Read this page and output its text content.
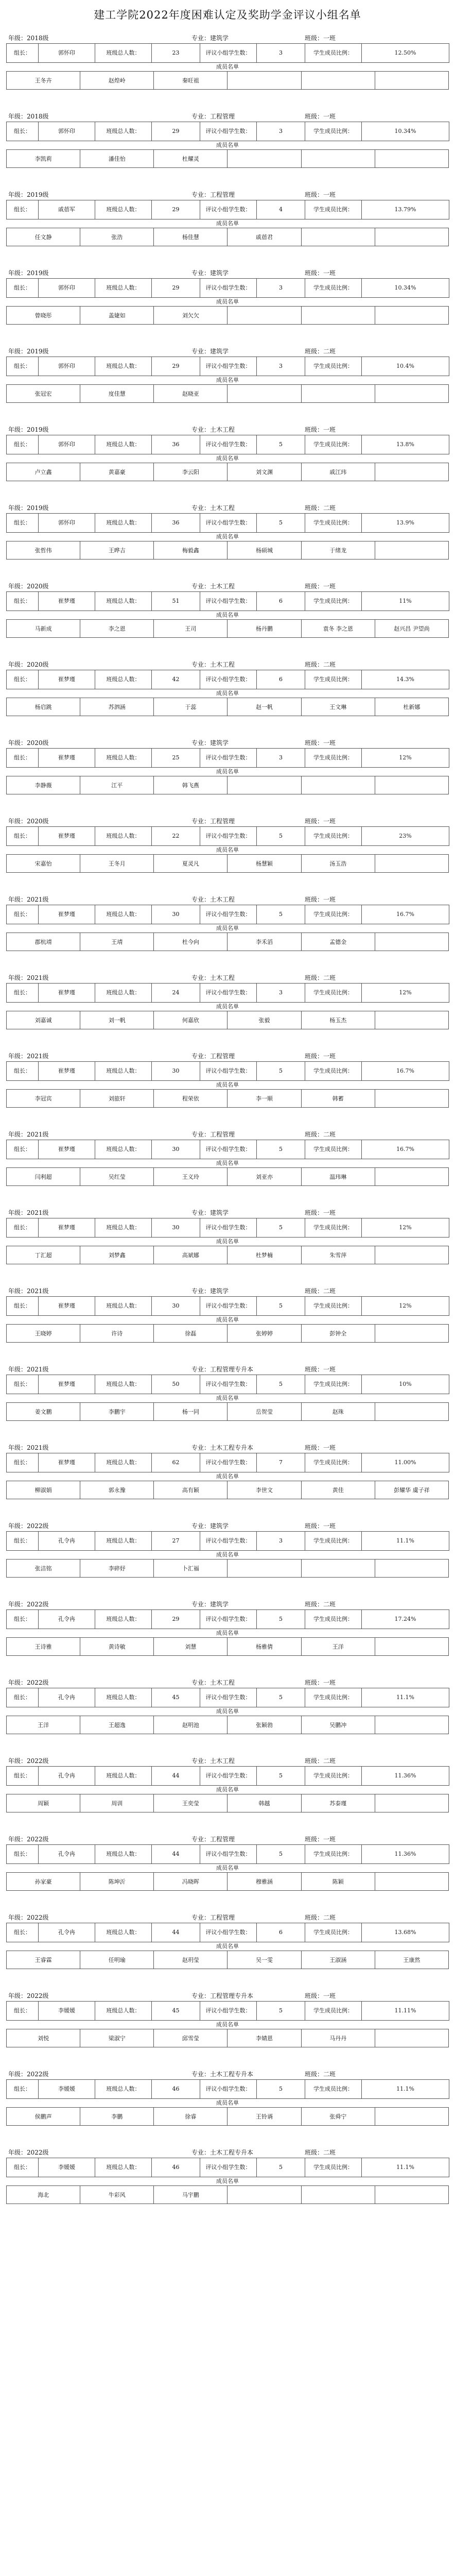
建工学院2022年度困难认定及奖助学金评议小组名单
年级：2018级	专业：建筑学	班级：一班
组长：	郭怀印	班级总人数：	23	评议小组学生数：	3	学生成员比例：	12.50%
成员名单
王冬卉	赵煌岭	秦旺祖			
年级：2018级	专业：工程管理	班级：一班
组长：	郭怀印	班级总人数：	29	评议小组学生数：	3	学生成员比例：	10.34%
成员名单
李凯莉	潘佳怡	杜耀灵			
年级：2019级	专业：工程管理	班级：一班
组长：	戚蓓军	班级总人数：	29	评议小组学生数：	4	学生成员比例：	13.79%
成员名单
任文静	张浩	杨佳慧	戚蓓君		
年级：2019级	专业：建筑学	班级：一班
组长：	郭怀印	班级总人数：	29	评议小组学生数：	3	学生成员比例：	10.34%
成员名单
曾晓彤	盖婕如	刘欠欠			
年级：2019级	专业：建筑学	班级：二班
组长：	郭怀印	班级总人数：	29	评议小组学生数：	3	学生成员比例：	10.4%
成员名单
张冠宏	度佳慧	赵晓亚			
年级：2019级	专业：土木工程	班级：一班
组长：	郭怀印	班级总人数：	36	评议小组学生数：	5	学生成员比例：	13.8%
成员名单
卢立鑫	黄嘉豪	李云阳	刘文渊	戚江玮	
年级：2019级	专业：土木工程	班级：二班
组长：	郭怀印	班级总人数：	36	评议小组学生数：	5	学生成员比例：	13.9%
成员名单
张哲伟	王晔吉	梅毅鑫	杨硕城	于绪龙	
年级：2020级	专业：土木工程	班级：一班
组长：	崔梦瑾	班级总人数：	51	评议小组学生数：	6	学生成员比例：	11%
成员名单
马新成	李之恩	王司	杨丹鹏	袁冬 李之恩	赵兴昌 尹望尚
年级：2020级	专业：土木工程	班级：二班
组长：	崔梦瑾	班级总人数：	42	评议小组学生数：	6	学生成员比例：	14.3%
成员名单
杨启跳	苏泗涵	于蕊	赵一帆	王文琳	杜新娜
年级：2020级	专业：建筑学	班级：一班
组长：	崔梦瑾	班级总人数：	25	评议小组学生数：	3	学生成员比例：	12%
成员名单
李静薇	江平	韩飞燕			
年级：2020级	专业：工程管理	班级：一班
组长：	崔梦瑾	班级总人数：	22	评议小组学生数：	5	学生成员比例：	23%
成员名单
宋嘉怡	王冬月	夏灵凡	杨慧颖	汤玉浩	
年级：2021级	专业：土木工程	班级：一班
组长：	崔梦瑾	班级总人数：	30	评议小组学生数：	5	学生成员比例：	16.7%
成员名单
郡杭靖	王靖	杜今向	李禾滔	孟德金	
年级：2021级	专业：土木工程	班级：二班
组长：	崔梦瑾	班级总人数：	24	评议小组学生数：	3	学生成员比例：	12%
成员名单
刘嘉诚	刘一帆	何嘉欣	张毅	杨玉杰	
年级：2021级	专业：工程管理	班级：一班
组长：	崔梦瑾	班级总人数：	30	评议小组学生数：	5	学生成员比例：	16.7%
成员名单
李冠宾	刘旅轩	程荣依	李一顺	韩蓄	
年级：2021级	专业：工程管理	班级：二班
组长：	崔梦瑾	班级总人数：	30	评议小组学生数：	5	学生成员比例：	16.7%
成员名单
闫利超	吴红莹	王义玲	刘亚亦	温玮琳	
年级：2021级	专业：建筑学	班级：一班
组长：	崔梦瑾	班级总人数：	30	评议小组学生数：	5	学生成员比例：	12%
成员名单
丁汇超	刘梦鑫	高斌娜	杜梦楠	朱雪萍	
年级：2021级	专业：建筑学	班级：二班
组长：	崔梦瑾	班级总人数：	30	评议小组学生数：	5	学生成员比例：	12%
成员名单
王晓婷	许诗	徐磊	张婷婷	彭钟全	
年级：2021级	专业：工程管理专升本	班级：一班
组长：	崔梦瑾	班级总人数：	50	评议小组学生数：	5	学生成员比例：	10%
成员名单
姜文鹏	李鹏宇	杨一同	岳贺莹	赵珠	
年级：2021级	专业：土木工程专升本	班级：一班
组长：	崔梦瑾	班级总人数：	62	评议小组学生数：	7	学生成员比例：	11.00%
成员名单
柳淑娟	郭永豫	高有颖	李世文	黄佳	彭耀华 虞子祥
年级：2022级	专业：建筑学	班级：一班
组长：	孔令冉	班级总人数：	27	评议小组学生数：	3	学生成员比例：	11.1%
成员名单
张洁铭	李碎妤	卜汇福			
年级：2022级	专业：建筑学	班级：二班
组长：	孔令冉	班级总人数：	29	评议小组学生数：	5	学生成员比例：	17.24%
成员名单
王诗雅	黄诗敏	刘慧	杨雅倩	王洋	
年级：2022级	专业：土木工程	班级：一班
组长：	孔令冉	班级总人数：	45	评议小组学生数：	5	学生成员比例：	11.1%
成员名单
王洋	王超逸	赵明池	张颖勃	吴鹏冲	
年级：2022级	专业：土木工程	班级：二班
组长：	孔令冉	班级总人数：	44	评议小组学生数：	5	学生成员比例：	11.36%
成员名单
周颖	周训	王奕莹	韩越	苏泰瑾	
年级：2022级	专业：工程管理	班级：一班
组长：	孔令冉	班级总人数：	44	评议小组学生数：	5	学生成员比例：	11.36%
成员名单
孙家豪	陈坤沂	冯晓晖	穆雅涵	陈颖	
年级：2022级	专业：工程管理	班级：二班
组长：	孔令冉	班级总人数：	44	评议小组学生数：	6	学生成员比例：	13.68%
成员名单
王睿霖	任明瑜	赵玥莹	吴一雯	王淑涵	王康然
年级：2022级	专业：工程管理专升本	班级：一班
组长：	李媛媛	班级总人数：	45	评议小组学生数：	5	学生成员比例：	11.11%
成员名单
刘悦	梁淑宁	邱雪莹	李婧恩	马丹丹	
年级：2022级	专业：土木工程专升本	班级：二班
组长：	李媛媛	班级总人数：	46	评议小组学生数：	5	学生成员比例：	11.1%
成员名单
侯鹏声	李鹏	徐睿	王铃谞	张舜宁	
年级：2022级	专业：土木工程专升本	班级：二班
组长：	李媛媛	班级总人数：	46	评议小组学生数：	5	学生成员比例：	11.1%
成员名单
海北	牛彩风	马宇鹏			
